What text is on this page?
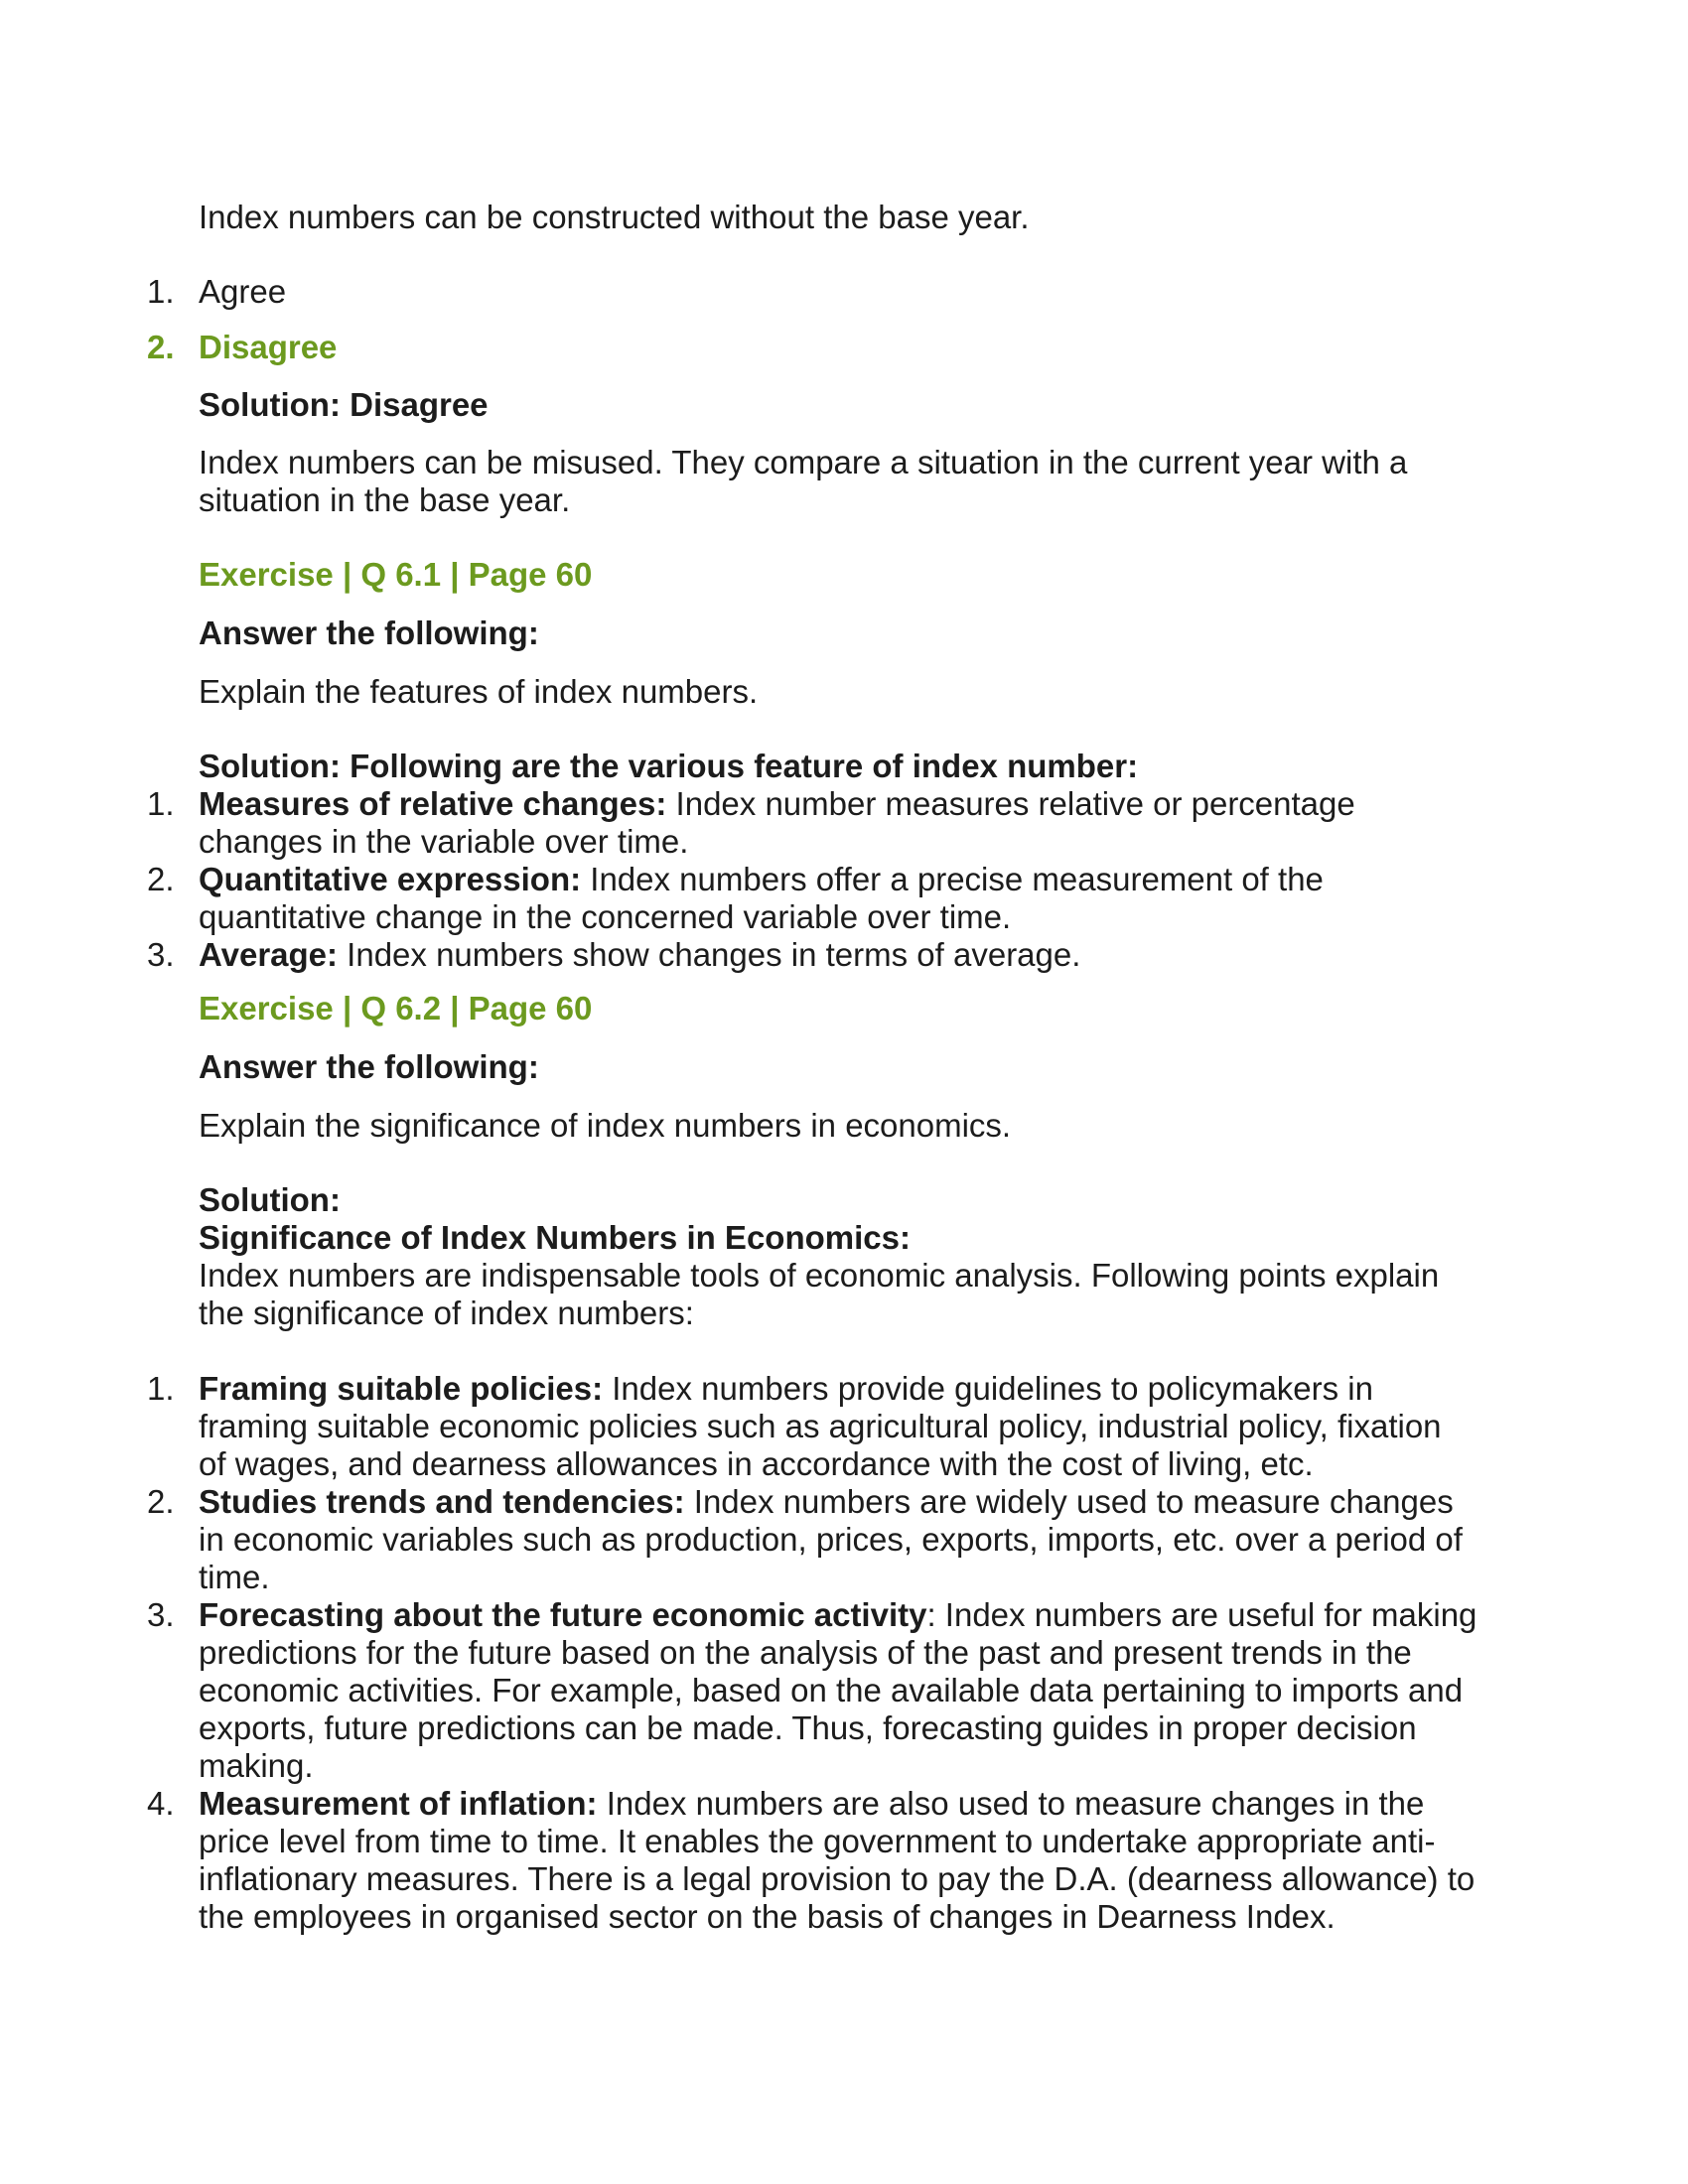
Index numbers can be constructed without the base year.

1. Agree
2. Disagree

Solution: Disagree

Index numbers can be misused. They compare a situation in the current year with a situation in the base year.

Exercise | Q 6.1 | Page 60

Answer the following:

Explain the features of index numbers.

Solution: Following are the various feature of index number:

1. Measures of relative changes: Index number measures relative or percentage changes in the variable over time.
2. Quantitative expression: Index numbers offer a precise measurement of the quantitative change in the concerned variable over time.
3. Average: Index numbers show changes in terms of average.

Exercise | Q 6.2 | Page 60

Answer the following:

Explain the significance of index numbers in economics.

Solution:

Significance of Index Numbers in Economics:

Index numbers are indispensable tools of economic analysis. Following points explain the significance of index numbers:

1. Framing suitable policies: Index numbers provide guidelines to policymakers in framing suitable economic policies such as agricultural policy, industrial policy, fixation of wages, and dearness allowances in accordance with the cost of living, etc.
2. Studies trends and tendencies: Index numbers are widely used to measure changes in economic variables such as production, prices, exports, imports, etc. over a period of time.
3. Forecasting about the future economic activity: Index numbers are useful for making predictions for the future based on the analysis of the past and present trends in the economic activities. For example, based on the available data pertaining to imports and exports, future predictions can be made. Thus, forecasting guides in proper decision making.
4. Measurement of inflation: Index numbers are also used to measure changes in the price level from time to time. It enables the government to undertake appropriate anti-inflationary measures. There is a legal provision to pay the D.A. (dearness allowance) to the employees in organised sector on the basis of changes in Dearness Index.
